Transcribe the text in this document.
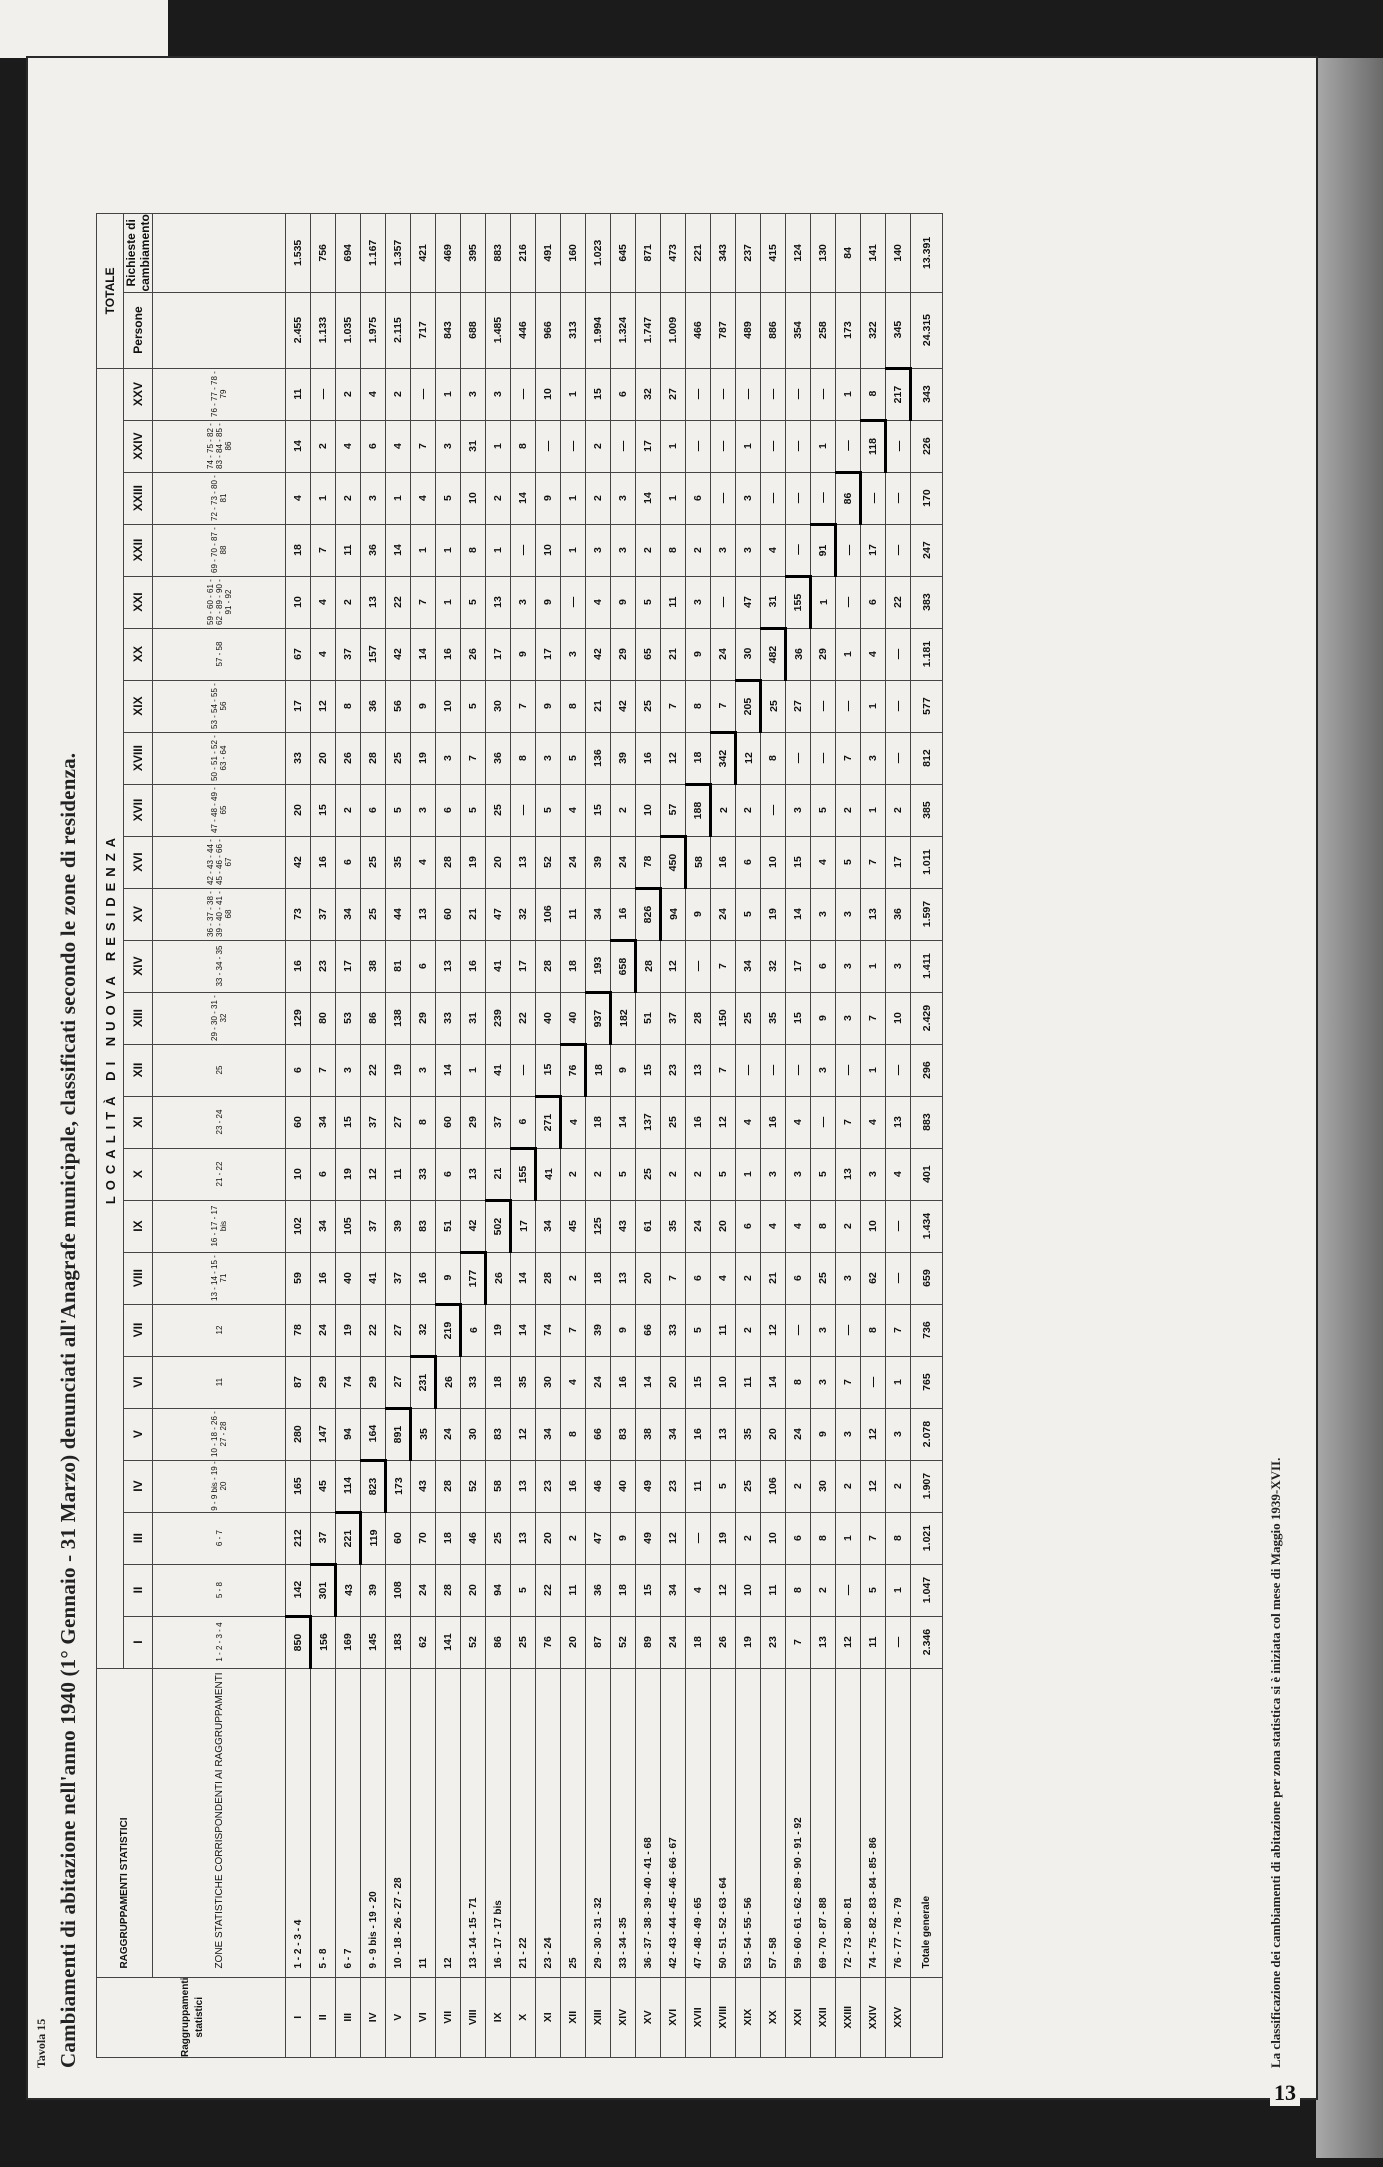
Tavola 15 Cambiamenti di abitazione nell'anno 1940 (1° Gennaio - 31 Marzo) denunciati all'Anagrafe municipale, classificati secondo le zone di residenza.	Raggruppamenti statistici	RAGGRUPPAMENTI STATISTICI	LOCALITÀ DI NUOVA RESIDENZA																									TOTALE	
		I	II	III	IV	V	VI	VII	VIII	IX	X	XI	XII	XIII	XIV	XV	XVI	XVII	XVIII	XIX	XX	XXI	XXII	XXIII	XXIV	XXV	Persone	Richieste di cambiamento
	ZONE STATISTICHE CORRISPONDENTI AI RAGGRUPPAMENTI	1 - 2 - 3 - 4	5 - 8	6 - 7	9 - 9 bis - 19 - 20	10 - 18 - 26 - 27 - 28	11	12	13 - 14 - 15 - 71	16 - 17 - 17 bis	21 - 22	23 - 24	25	29 - 30 - 31 - 32	33 - 34 - 35	36 - 37 - 38 - 39 - 40 - 41 - 68	42 - 43 - 44 - 45 - 46 - 66 - 67	47 - 48 - 49 - 65	50 - 51 - 52 - 63 - 64	53 - 54 - 55 - 56	57 - 58	59 - 60 - 61 - 62 - 89 - 90 - 91 - 92	69 - 70 - 87 - 88	72 - 73 - 80 - 81	74 - 75 - 82 - 83 - 84 - 85 - 86	76 - 77 - 78 - 79		
I	1 - 2 - 3 - 4	850	142	212	165	280	87	78	59	102	10	60	6	129	16	73	42	20	33	17	67	10	18	4	14	11	2.455	1.535
II	5 - 8	156	301	37	45	147	29	24	16	34	6	34	7	80	23	37	16	15	20	12	4	4	7	1	2	—	1.133	756
III	6 - 7	169	43	221	114	94	74	19	40	105	19	15	3	53	17	34	6	2	26	8	37	2	11	2	4	2	1.035	694
IV	9 - 9 bis - 19 - 20	145	39	119	823	164	29	22	41	37	12	37	22	86	38	25	25	6	28	36	157	13	36	3	6	4	1.975	1.167
V	10 - 18 - 26 - 27 - 28	183	108	60	173	891	27	27	37	39	11	27	19	138	81	44	35	5	25	56	42	22	14	1	4	2	2.115	1.357
VI	11	62	24	70	43	35	231	32	16	83	33	8	3	29	6	13	4	3	19	9	14	7	1	4	7	—	717	421
VII	12	141	28	18	28	24	26	219	9	51	6	60	14	33	13	60	28	6	3	10	16	1	1	5	3	1	843	469
VIII	13 - 14 - 15 - 71	52	20	46	52	30	33	6	177	42	13	29	1	31	16	21	19	5	7	5	26	5	8	10	31	3	688	395
IX	16 - 17 - 17 bis	86	94	25	58	83	18	19	26	502	21	37	41	239	41	47	20	25	36	30	17	13	1	2	1	3	1.485	883
X	21 - 22	25	5	13	13	12	35	14	14	17	155	6	—	22	17	32	13	—	8	7	9	3	—	14	8	—	446	216
XI	23 - 24	76	22	20	23	34	30	74	28	34	41	271	15	40	28	106	52	5	3	9	17	9	10	9	—	10	966	491
XII	25	20	11	2	16	8	4	7	2	45	2	4	76	40	18	11	24	4	5	8	3	—	1	1	—	1	313	160
XIII	29 - 30 - 31 - 32	87	36	47	46	66	24	39	18	125	2	18	18	937	193	34	39	15	136	21	42	4	3	2	2	15	1.994	1.023
XIV	33 - 34 - 35	52	18	9	40	83	16	9	13	43	5	14	9	182	658	16	24	2	39	42	29	9	3	3	—	6	1.324	645
XV	36 - 37 - 38 - 39 - 40 - 41 - 68	89	15	49	49	38	14	66	20	61	25	137	15	51	28	826	78	10	16	25	65	5	2	14	17	32	1.747	871
XVI	42 - 43 - 44 - 45 - 46 - 66 - 67	24	34	12	23	34	20	33	7	35	2	25	23	37	12	94	450	57	12	7	21	11	8	1	1	27	1.009	473
XVII	47 - 48 - 49 - 65	18	4	—	11	16	15	5	6	24	2	16	13	28	—	9	58	188	18	8	9	3	2	6	—	—	466	221
XVIII	50 - 51 - 52 - 63 - 64	26	12	19	5	13	10	11	4	20	5	12	7	150	7	24	16	2	342	7	24	—	3	—	—	—	787	343
XIX	53 - 54 - 55 - 56	19	10	2	25	35	11	2	2	6	1	4	—	25	34	5	6	2	12	205	30	47	3	3	1	—	489	237
XX	57 - 58	23	11	10	106	20	14	12	21	4	3	16	—	35	32	19	10	—	8	25	482	31	4	—	—	—	886	415
XXI	59 - 60 - 61 - 62 - 89 - 90 - 91 - 92	7	8	6	2	24	8	—	6	4	3	4	—	15	17	14	15	3	—	27	36	155	—	—	—	—	354	124
XXII	69 - 70 - 87 - 88	13	2	8	30	9	3	3	25	8	5	—	3	9	6	3	4	5	—	—	29	1	91	—	1	—	258	130
XXIII	72 - 73 - 80 - 81	12	—	1	2	3	7	—	3	2	13	7	—	3	3	3	5	2	7	—	1	—	—	86	—	1	173	84
XXIV	74 - 75 - 82 - 83 - 84 - 85 - 86	11	5	7	12	12	—	8	62	10	3	4	1	7	1	13	7	1	3	1	4	6	17	—	118	8	322	141
XXV	76 - 77 - 78 - 79	—	1	8	2	3	1	7	—	—	4	13	—	10	3	36	17	2	—	—	—	22	—	—	—	217	345	140
	Totale generale	2.346	1.047	1.021	1.907	2.078	765	736	659	1.434	401	883	296	2.429	1.411	1.597	1.011	385	812	577	1.181	383	247	170	226	343	24.315	13.391
La classificazione dei cambiamenti di abitazione per zona statistica si è iniziata col mese di Maggio 1939-XVII.
13
